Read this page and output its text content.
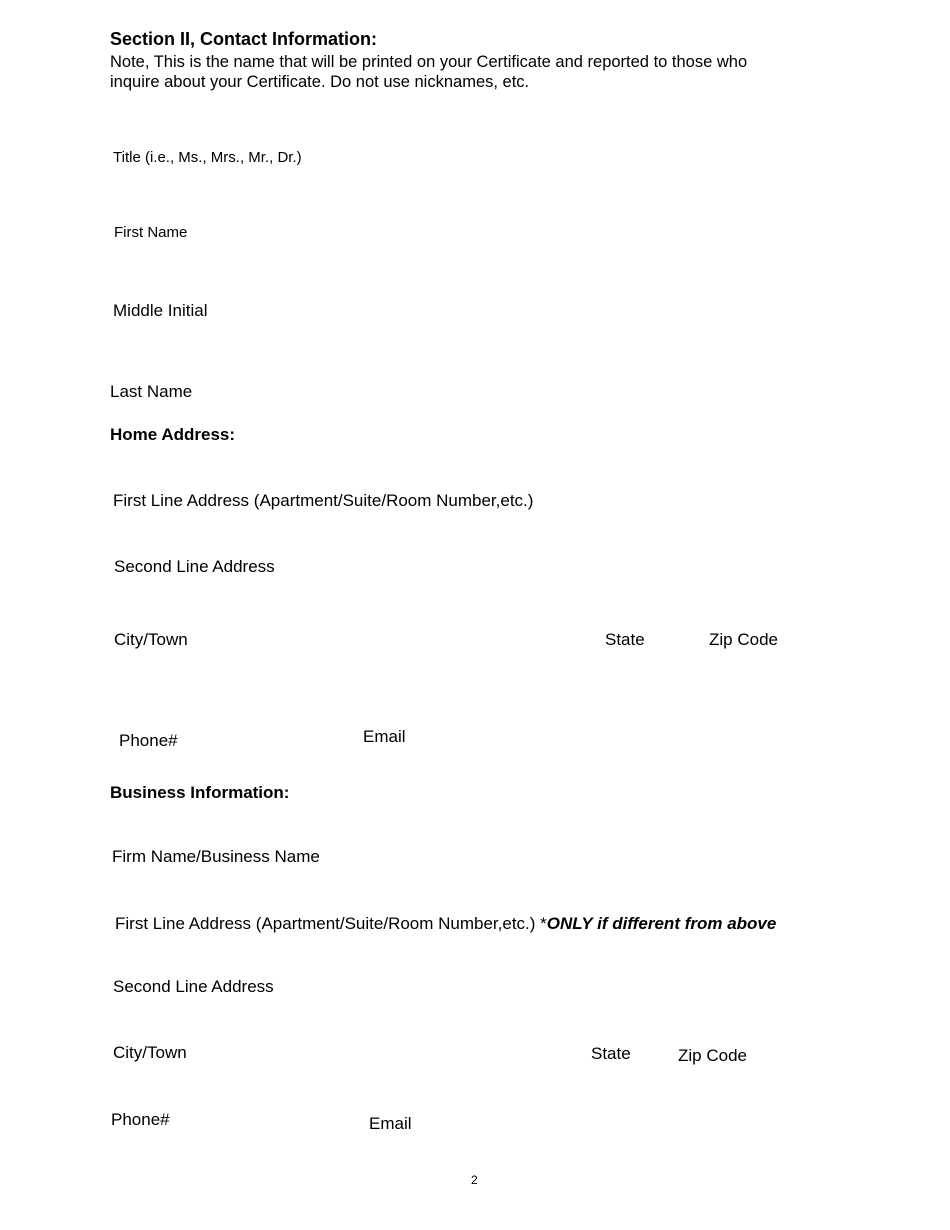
Section II, Contact Information:
Note, This is the name that will be printed on your Certificate and reported to those who
inquire about your Certificate. Do not use nicknames, etc.
Title (i.e., Ms., Mrs., Mr., Dr.)
First Name
Middle Initial
Last Name
Home Address:
First Line Address (Apartment/Suite/Room Number,etc.)
Second Line Address
City/Town	State	Zip Code
Phone#	Email
Business Information:
Firm Name/Business Name
First Line Address (Apartment/Suite/Room Number,etc.) *ONLY if different from above
Second Line Address
City/Town	State	Zip Code
Phone#	Email
2
